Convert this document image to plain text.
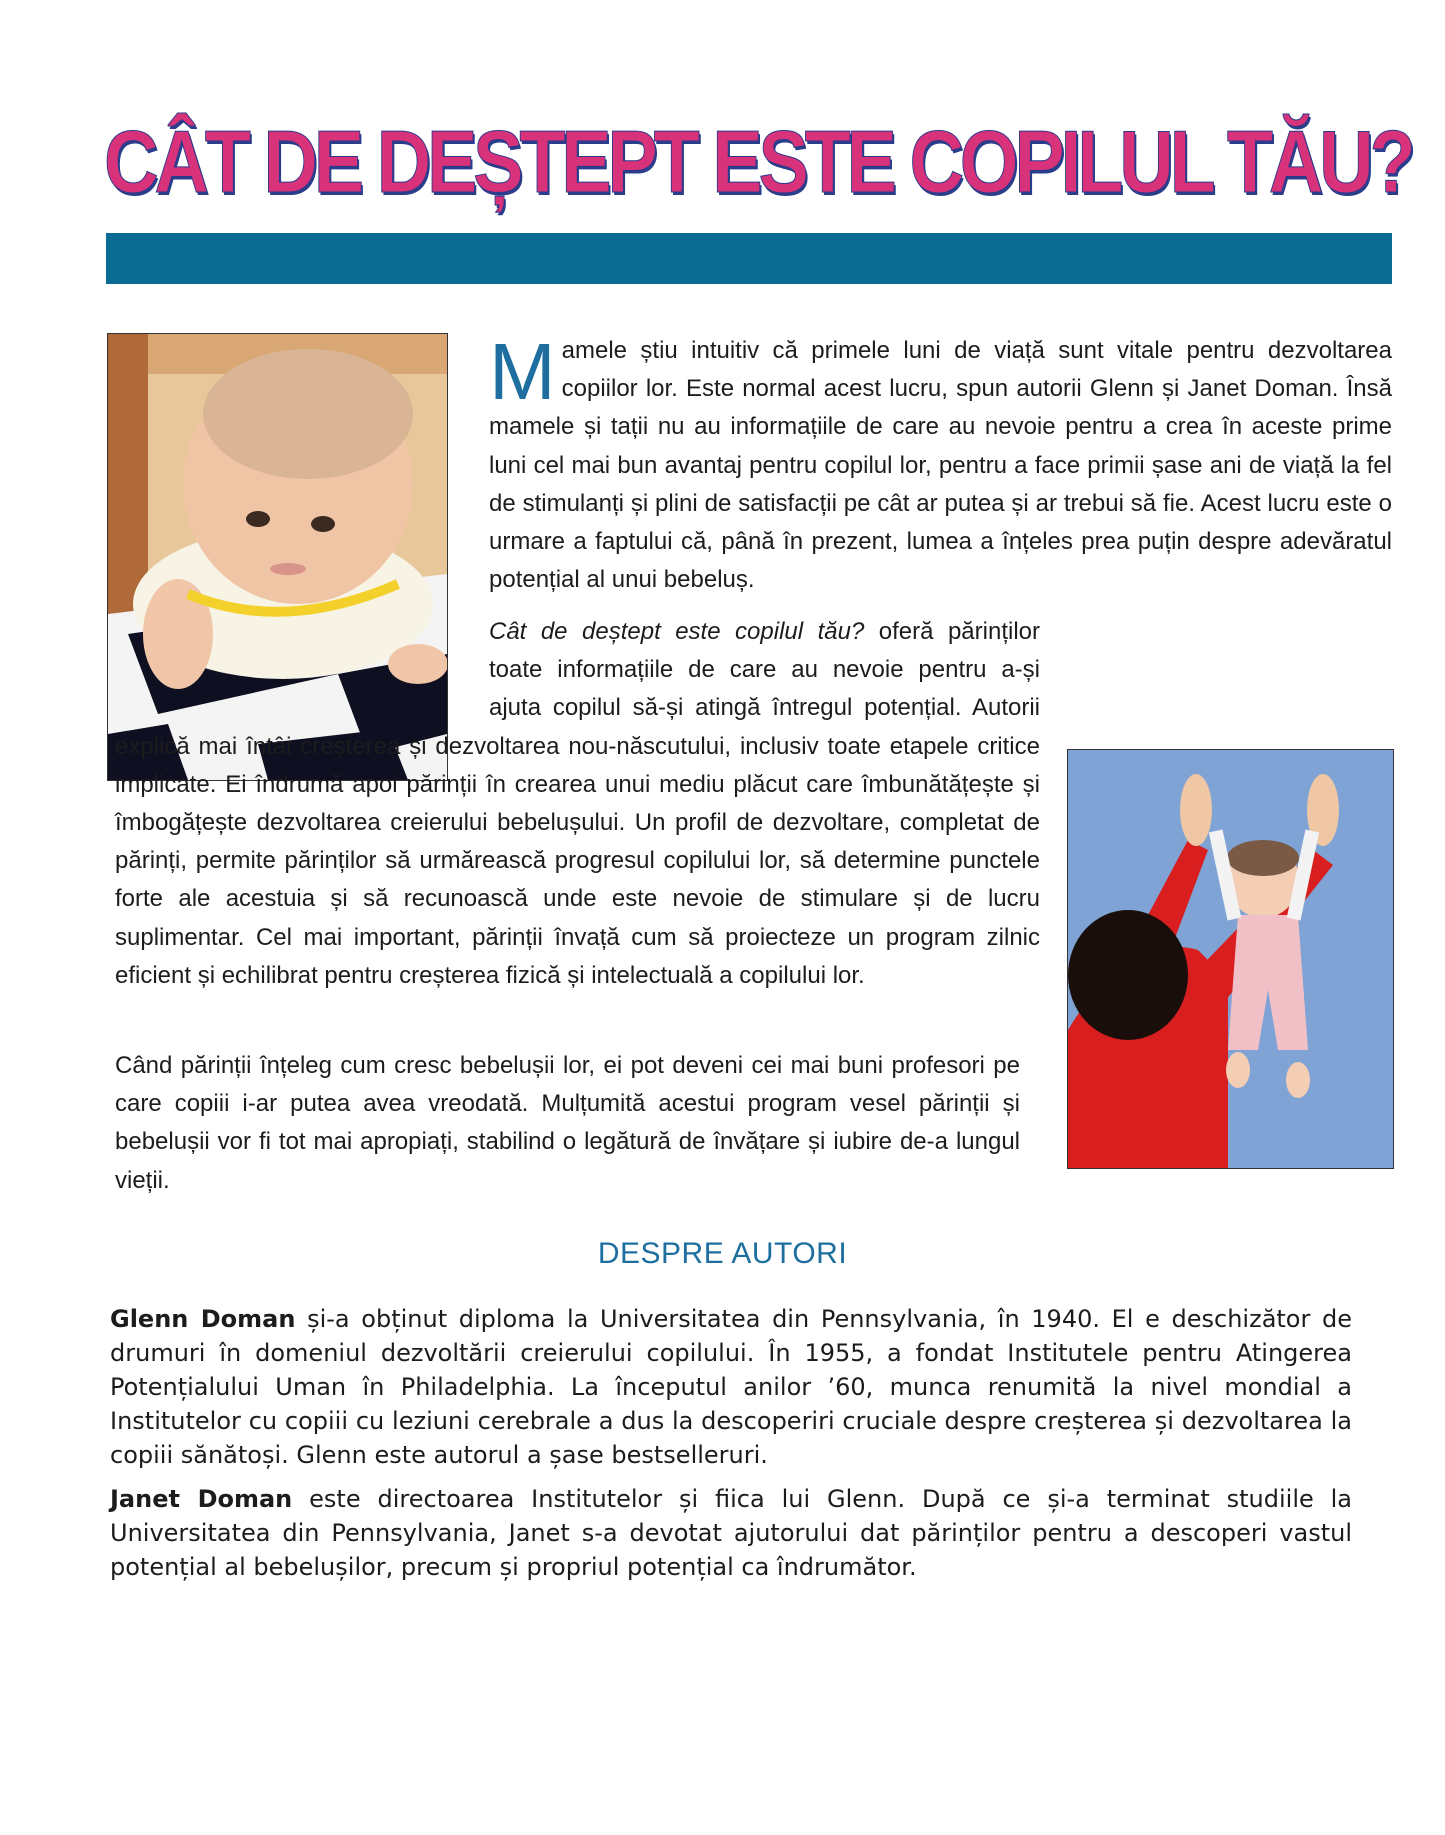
CÂT DE DEȘTEPT ESTE COPILUL TĂU?
Mamele știu intuitiv că primele luni de viață sunt vitale pentru dezvoltarea copiilor lor. Este normal acest lucru, spun autorii Glenn și Janet Doman. Însă mamele și tații nu au informațiile de care au nevoie pentru a crea în aceste prime luni cel mai bun avantaj pentru copilul lor, pentru a face primii șase ani de viață la fel de stimulanți și plini de satisfacții pe cât ar putea și ar trebui să fie. Acest lucru este o urmare a faptului că, până în prezent, lumea a înțeles prea puțin despre adevăratul potențial al unui bebeluș.

Cât de deștept este copilul tău? oferă părinților toate informațiile de care au nevoie pentru a-și ajuta copilul să-și atingă întregul potențial. Autorii explică mai întâi creșterea și dezvoltarea nou-născutului, inclusiv toate etapele critice implicate. Ei îndrumă apoi părinții în crearea unui mediu plăcut care îmbunătățește și îmbogățește dezvoltarea creierului bebelușului. Un profil de dezvoltare, completat de părinți, permite părinților să urmărească progresul copilului lor, să determine punctele forte ale acestuia și să recunoască unde este nevoie de stimulare și de lucru suplimentar. Cel mai important, părinții învață cum să proiecteze un program zilnic eficient și echilibrat pentru creșterea fizică și intelectuală a copilului lor.

Când părinții înțeleg cum cresc bebelușii lor, ei pot deveni cei mai buni profesori pe care copiii i-ar putea avea vreodată. Mulțumită acestui program vesel părinții și bebelușii vor fi tot mai apropiați, stabilind o legătură de învățare și iubire de-a lungul vieții.

DESPRE AUTORI

Glenn Doman și-a obținut diploma la Universitatea din Pennsylvania, în 1940. El e deschizător de drumuri în domeniul dezvoltării creierului copilului. În 1955, a fondat Institutele pentru Atingerea Potențialului Uman în Philadelphia. La începutul anilor ’60, munca renumită la nivel mondial a Institutelor cu copiii cu leziuni cerebrale a dus la descoperiri cruciale despre creșterea și dezvoltarea la copiii sănătoși. Glenn este autorul a șase bestselleruri.

Janet Doman este directoarea Institutelor și fiica lui Glenn. După ce și-a terminat studiile la Universitatea din Pennsylvania, Janet s-a devotat ajutorului dat părinților pentru a descoperi vastul potențial al bebelușilor, precum și propriul potențial ca îndrumător.
